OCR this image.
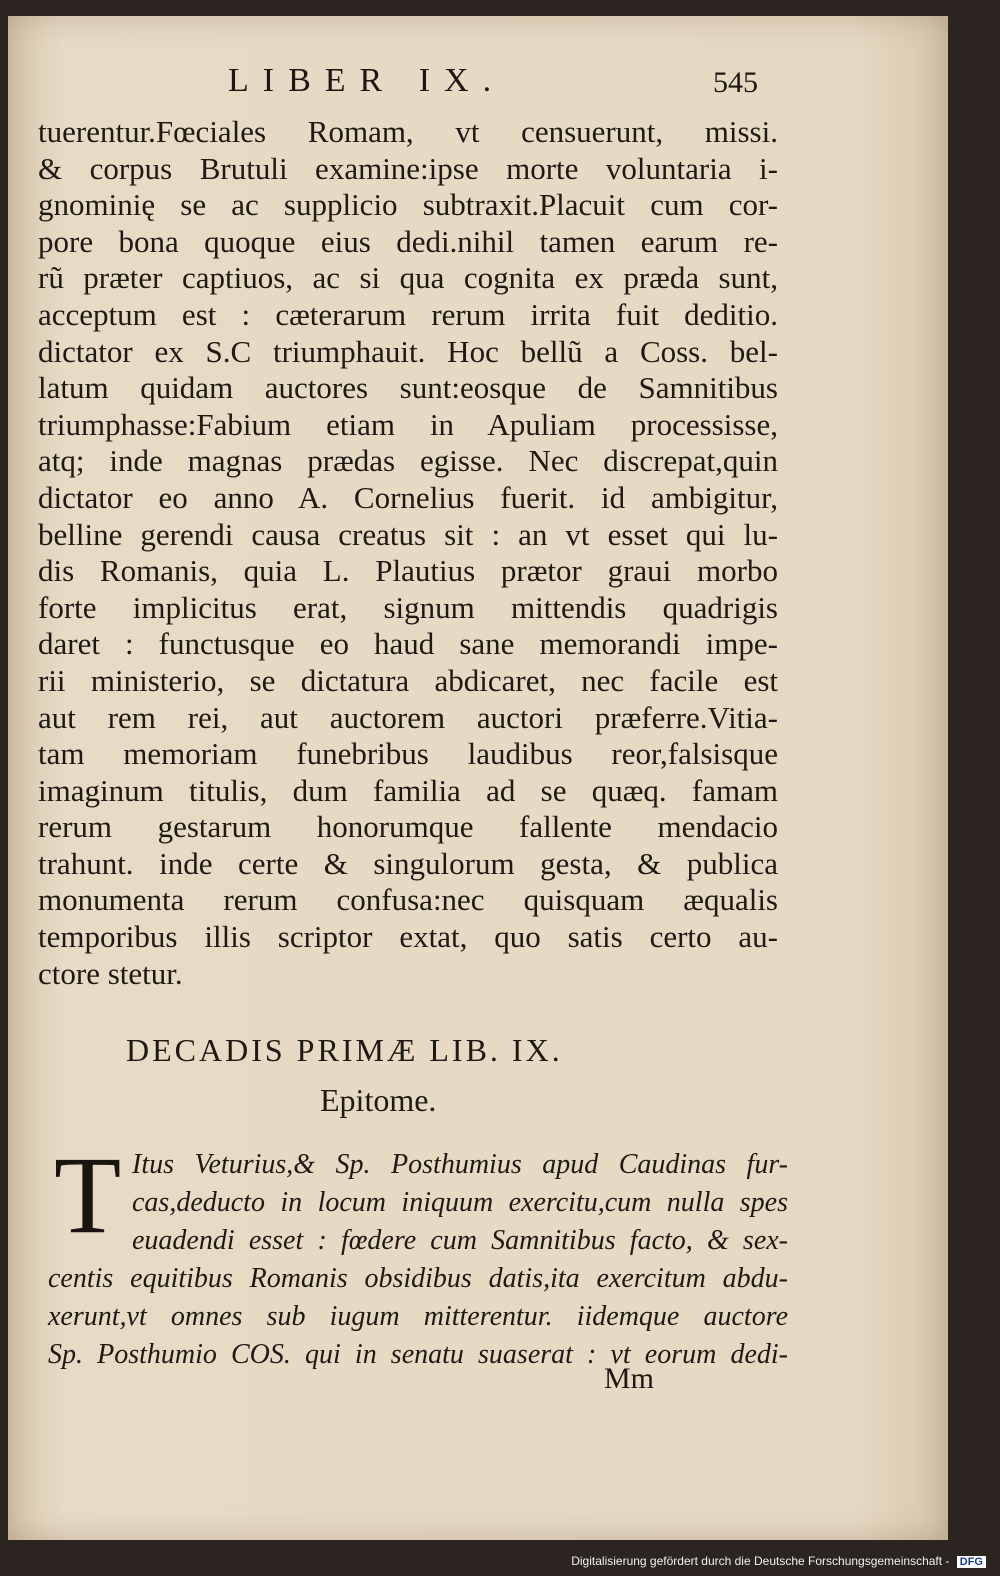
LIBER IX.	545
tuerentur.Fœciales Romam, vt censuerunt, missi.
& corpus Brutuli examine:ipse morte voluntaria i-
gnominię se ac supplicio subtraxit.Placuit cum cor-
pore bona quoque eius dedi.nihil tamen earum re-
rũ præter captiuos, ac si qua cognita ex præda sunt,
acceptum est : cæterarum rerum irrita fuit deditio.
dictator ex S.C triumphauit. Hoc bellũ a Coss. bel-
latum quidam auctores sunt:eosque de Samnitibus
triumphasse:Fabium etiam in Apuliam processisse,
atq; inde magnas prædas egisse. Nec discrepat,quin
dictator eo anno A. Cornelius fuerit. id ambigitur,
belline gerendi causa creatus sit : an vt esset qui lu-
dis Romanis, quia L. Plautius prætor graui morbo
forte implicitus erat, signum mittendis quadrigis
daret : functusque eo haud sane memorandi impe-
rii ministerio, se dictatura abdicaret, nec facile est
aut rem rei, aut auctorem auctori præferre.Vitia-
tam memoriam funebribus laudibus reor,falsisque
imaginum titulis, dum familia ad se quæq. famam
rerum gestarum honorumque fallente mendacio
trahunt. inde certe & singulorum gesta, & publica
monumenta rerum confusa:nec quisquam æqualis
temporibus illis scriptor extat, quo satis certo au-
ctore stetur.
DECADIS PRIMÆ LIB. IX.
Epitome.
T Itus Veturius,& Sp. Posthumius apud Caudinas fur-
cas,deducto in locum iniquum exercitu,cum nulla spes
euadendi esset : fœdere cum Samnitibus facto, & sex-
centis equitibus Romanis obsidibus datis,ita exercitum abdu-
xerunt,vt omnes sub iugum mitterentur. iidemque auctore
Sp. Posthumio COS. qui in senatu suaserat : vt eorum dedi-
Mm
Digitalisierung gefördert durch die Deutsche Forschungsgemeinschaft - DFG
